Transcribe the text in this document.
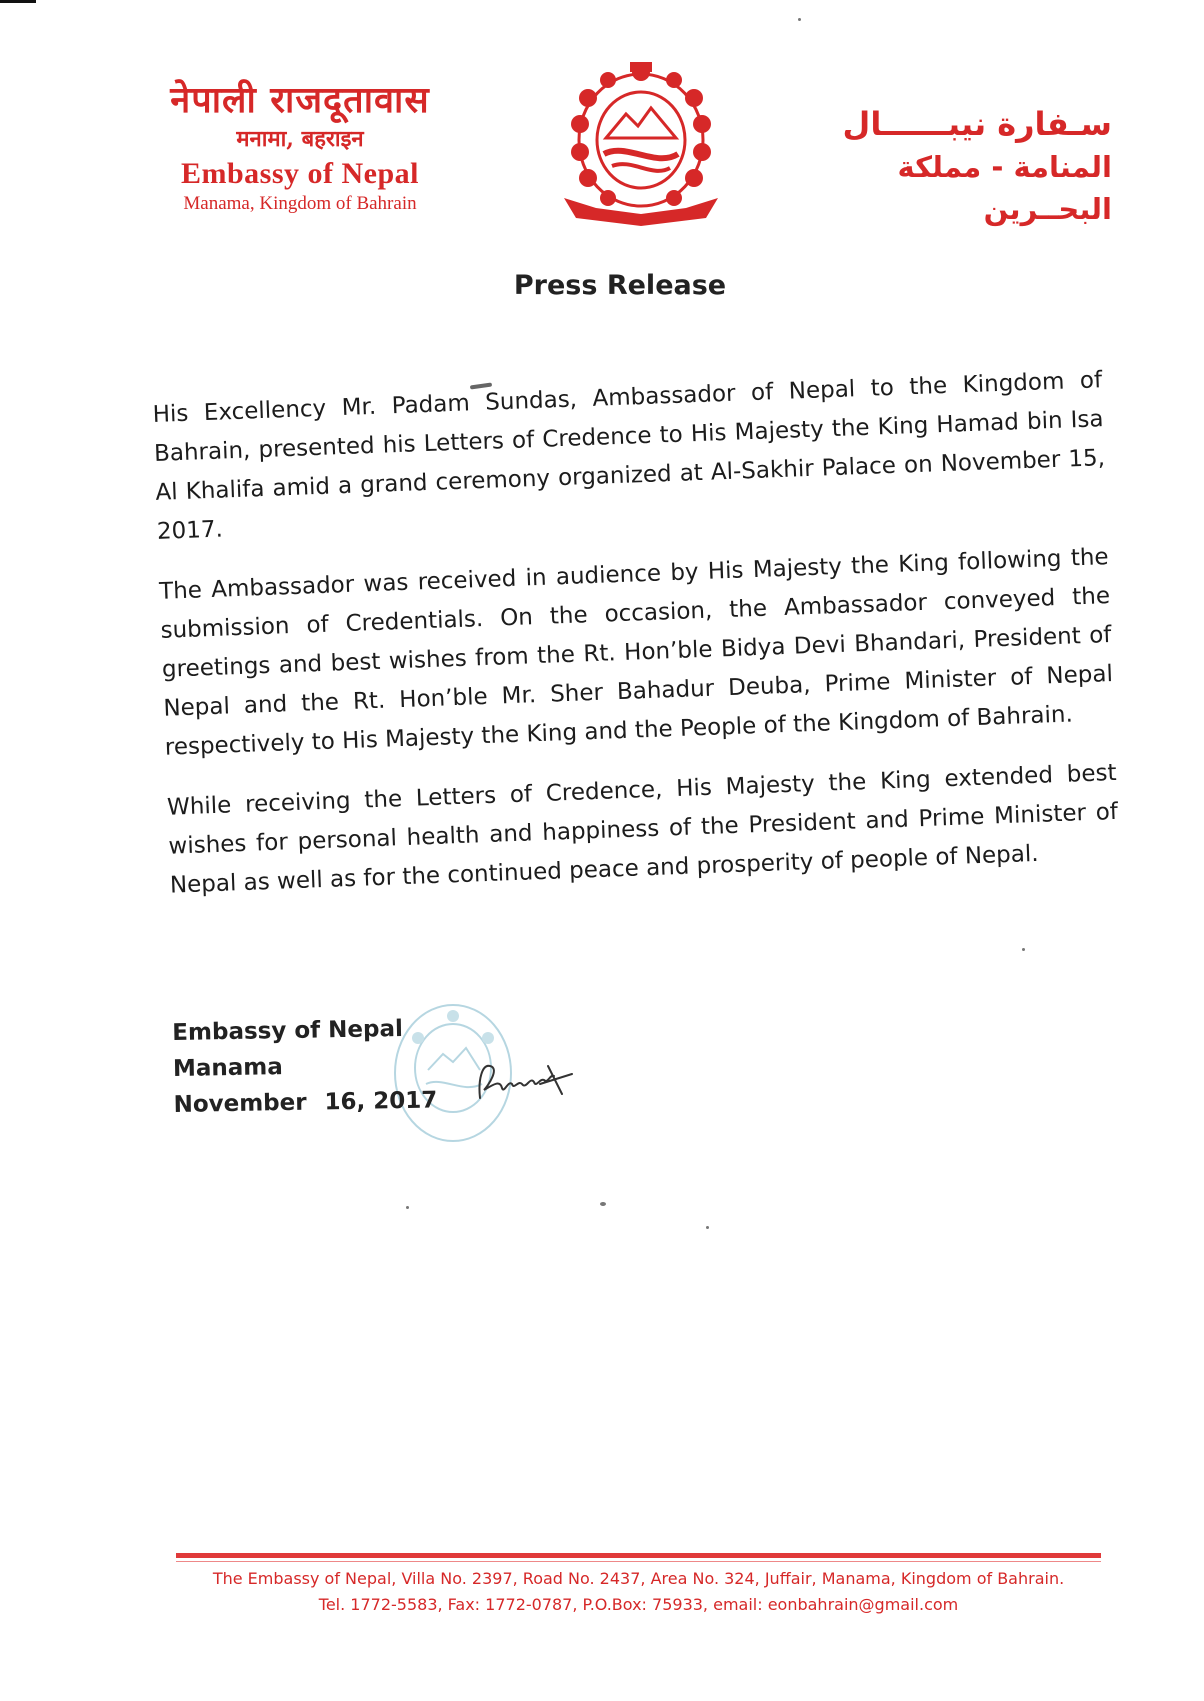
नेपाली राजदूतावास
मनामा, बहराइन
Embassy of Nepal
Manama, Kingdom of Bahrain
سـفارة نيبــــــال
المنامة - مملكة البحــرين
Press Release

His Excellency Mr. Padam Sundas, Ambassador of Nepal to the Kingdom of Bahrain, presented his Letters of Credence to His Majesty the King Hamad bin Isa Al Khalifa amid a grand ceremony organized at Al-Sakhir Palace on November 15, 2017.

The Ambassador was received in audience by His Majesty the King following the submission of Credentials. On the occasion, the Ambassador conveyed the greetings and best wishes from the Rt. Hon’ble Bidya Devi Bhandari, President of Nepal and the Rt. Hon’ble Mr. Sher Bahadur Deuba, Prime Minister of Nepal respectively to His Majesty the King and the People of the Kingdom of Bahrain.

While receiving the Letters of Credence, His Majesty the King extended best wishes for personal health and happiness of the President and Prime Minister of Nepal as well as for the continued peace and prosperity of people of Nepal.

Embassy of Nepal
Manama
November 16, 2017
The Embassy of Nepal, Villa No. 2397, Road No. 2437, Area No. 324, Juffair, Manama, Kingdom of Bahrain.
Tel. 1772-5583, Fax: 1772-0787, P.O.Box: 75933, email: eonbahrain@gmail.com
